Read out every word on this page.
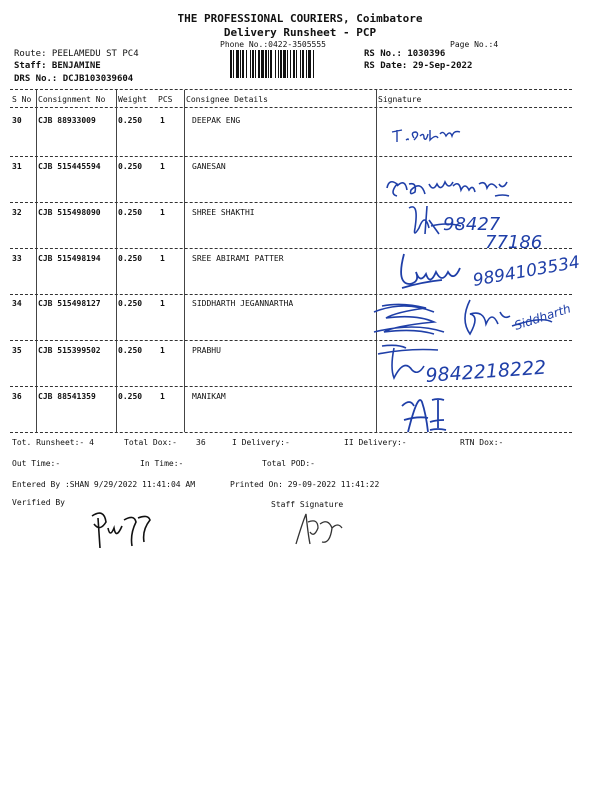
THE PROFESSIONAL COURIERS, Coimbatore
Delivery Runsheet - PCP
Phone No.:0422-3505555	Page No.:4
Route: PEELAMEDU ST PC4
Staff: BENJAMINE
DRS No.: DCJB103039604
RS No.: 1030396
RS Date: 29-Sep-2022
S No Consignment No Weight PCS Consignee Details	Signature
30 CJB 88933009	0.250 1	DEEPAK ENG
31 CJB 515445594 0.250 1	GANESAN
32 CJB 515498090 0.250 1	SHREE SHAKTHI
33 CJB 515498194 0.250 1	SREE ABIRAMI PATTER
34 CJB 515498127 0.250 1	SIDDHARTH JEGANNARTHA
35 CJB 515399502 0.250 1	PRABHU
36 CJB 88541359	0.250 1	MANIKAM
T. sakthi
98427
77186
9894103534
Siddharth
9842218222
Tot. Runsheet:- 4	Total Dox:- 36	I Delivery:-	II Delivery:-	RTN Dox:-
Out Time:-	In Time:-	Total POD:-
Entered By :SHAN 9/29/2022 11:41:04 AM	Printed On: 29-09-2022 11:41:22
Verified By	Staff Signature
